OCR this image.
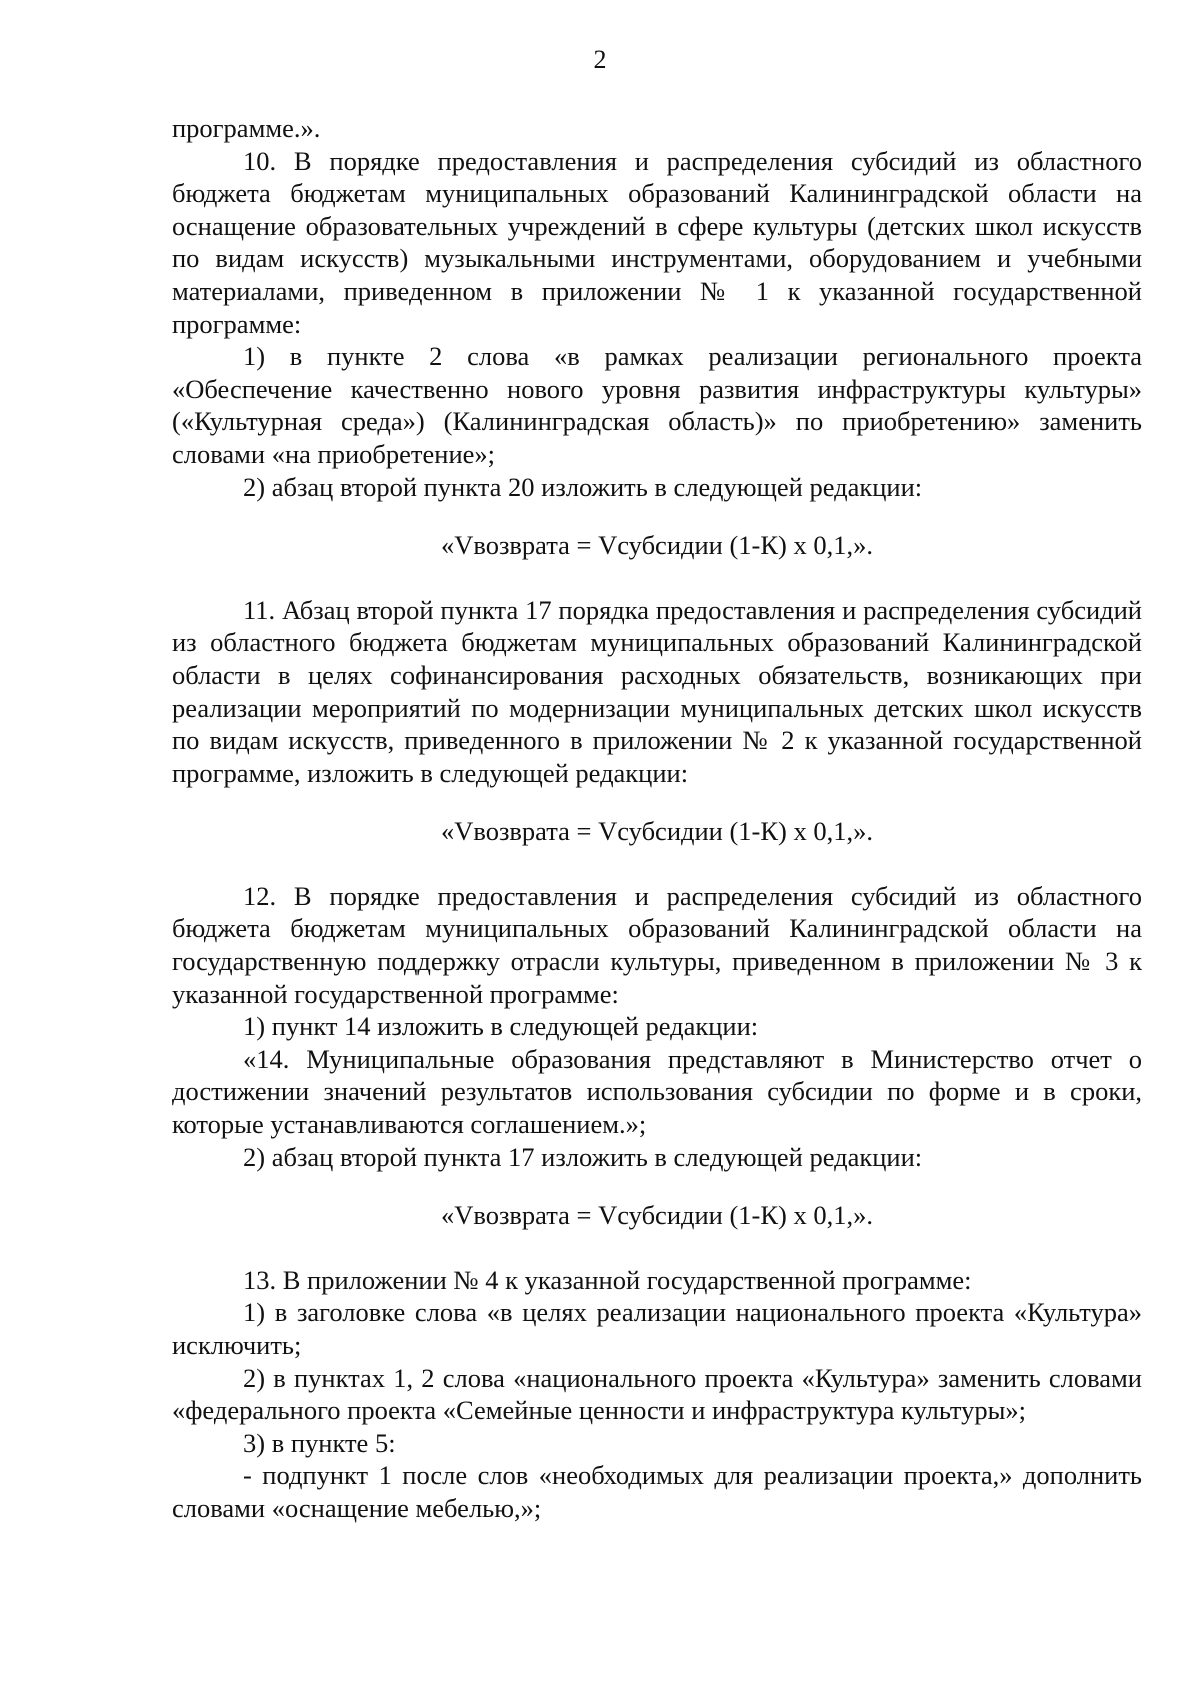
2

программе.».

10. В порядке предоставления и распределения субсидий из областного бюджета бюджетам муниципальных образований Калининградской области на оснащение образовательных учреждений в сфере культуры (детских школ искусств по видам искусств) музыкальными инструментами, оборудованием и учебными материалами, приведенном в приложении № 1 к указанной государственной программе:

1) в пункте 2 слова «в рамках реализации регионального проекта «Обеспечение качественно нового уровня развития инфраструктуры культуры» («Культурная среда») (Калининградская область)» по приобретению» заменить словами «на приобретение»;

2) абзац второй пункта 20 изложить в следующей редакции:

«Vвозврата = Vсубсидии (1-К) x 0,1,».

11. Абзац второй пункта 17 порядка предоставления и распределения субсидий из областного бюджета бюджетам муниципальных образований Калининградской области в целях софинансирования расходных обязательств, возникающих при реализации мероприятий по модернизации муниципальных детских школ искусств по видам искусств, приведенного в приложении № 2 к указанной государственной программе, изложить в следующей редакции:

«Vвозврата = Vсубсидии (1-К) x 0,1,».

12. В порядке предоставления и распределения субсидий из областного бюджета бюджетам муниципальных образований Калининградской области на государственную поддержку отрасли культуры, приведенном в приложении № 3 к указанной государственной программе:

1) пункт 14 изложить в следующей редакции:

«14. Муниципальные образования представляют в Министерство отчет о достижении значений результатов использования субсидии по форме и в сроки, которые устанавливаются соглашением.»;

2) абзац второй пункта 17 изложить в следующей редакции:

«Vвозврата = Vсубсидии (1-К) x 0,1,».

13. В приложении № 4 к указанной государственной программе:

1) в заголовке слова «в целях реализации национального проекта «Культура» исключить;

2) в пунктах 1, 2 слова «национального проекта «Культура» заменить словами «федерального проекта «Семейные ценности и инфраструктура культуры»;

3) в пункте 5:

- подпункт 1 после слов «необходимых для реализации проекта,» дополнить словами «оснащение мебелью,»;
